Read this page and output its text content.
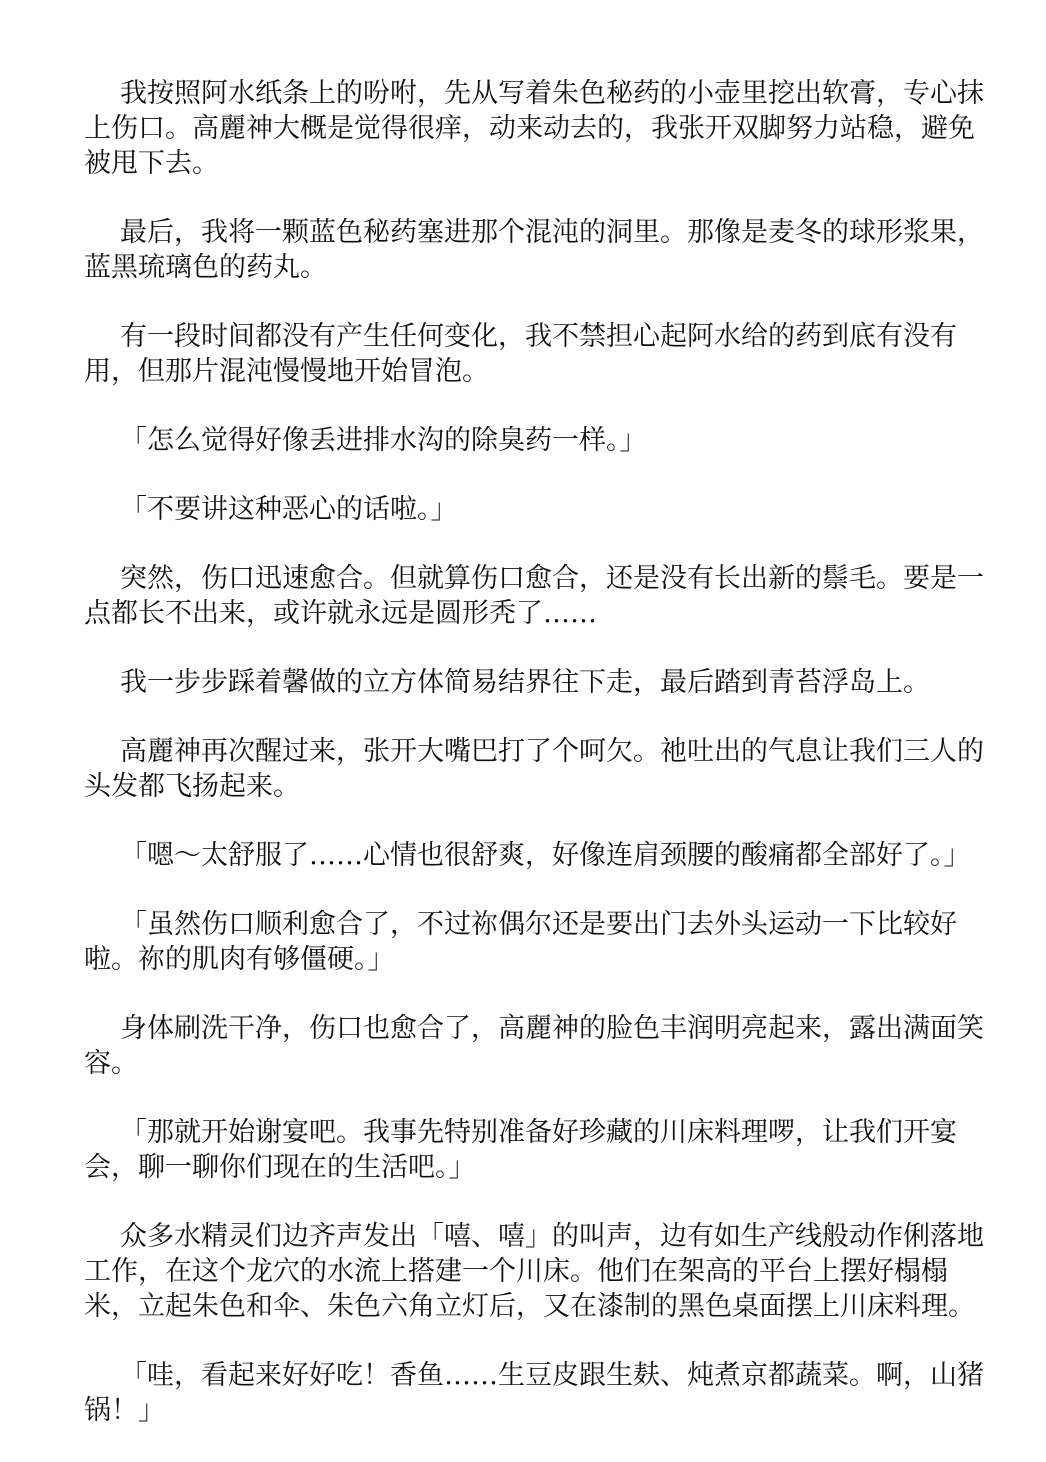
我按照阿水纸条上的吩咐，先从写着朱色秘药的小壶里挖出软膏，专心抹上伤口。高麗神大概是觉得很痒，动来动去的，我张开双脚努力站稳，避免被甩下去。

最后，我将一颗蓝色秘药塞进那个混沌的洞里。那像是麦冬的球形浆果，蓝黑琉璃色的药丸。

有一段时间都没有产生任何变化，我不禁担心起阿水给的药到底有没有用，但那片混沌慢慢地开始冒泡。

「怎么觉得好像丢进排水沟的除臭药一样。」

「不要讲这种恶心的话啦。」

突然，伤口迅速愈合。但就算伤口愈合，还是没有长出新的鬃毛。要是一点都长不出来，或许就永远是圆形秃了……

我一步步踩着馨做的立方体简易结界往下走，最后踏到青苔浮岛上。

高麗神再次醒过来，张开大嘴巴打了个呵欠。祂吐出的气息让我们三人的头发都飞扬起来。

「嗯～太舒服了……心情也很舒爽，好像连肩颈腰的酸痛都全部好了。」

「虽然伤口顺利愈合了，不过祢偶尔还是要出门去外头运动一下比较好啦。祢的肌肉有够僵硬。」

身体刷洗干净，伤口也愈合了，高麗神的脸色丰润明亮起来，露出满面笑容。

「那就开始谢宴吧。我事先特别准备好珍藏的川床料理啰，让我们开宴会，聊一聊你们现在的生活吧。」

众多水精灵们边齐声发出「嘻、嘻」的叫声，边有如生产线般动作俐落地工作，在这个龙穴的水流上搭建一个川床。他们在架高的平台上摆好榻榻米，立起朱色和伞、朱色六角立灯后，又在漆制的黑色桌面摆上川床料理。

「哇，看起来好好吃！香鱼……生豆皮跟生麸、炖煮京都蔬菜。啊，山猪锅！」
